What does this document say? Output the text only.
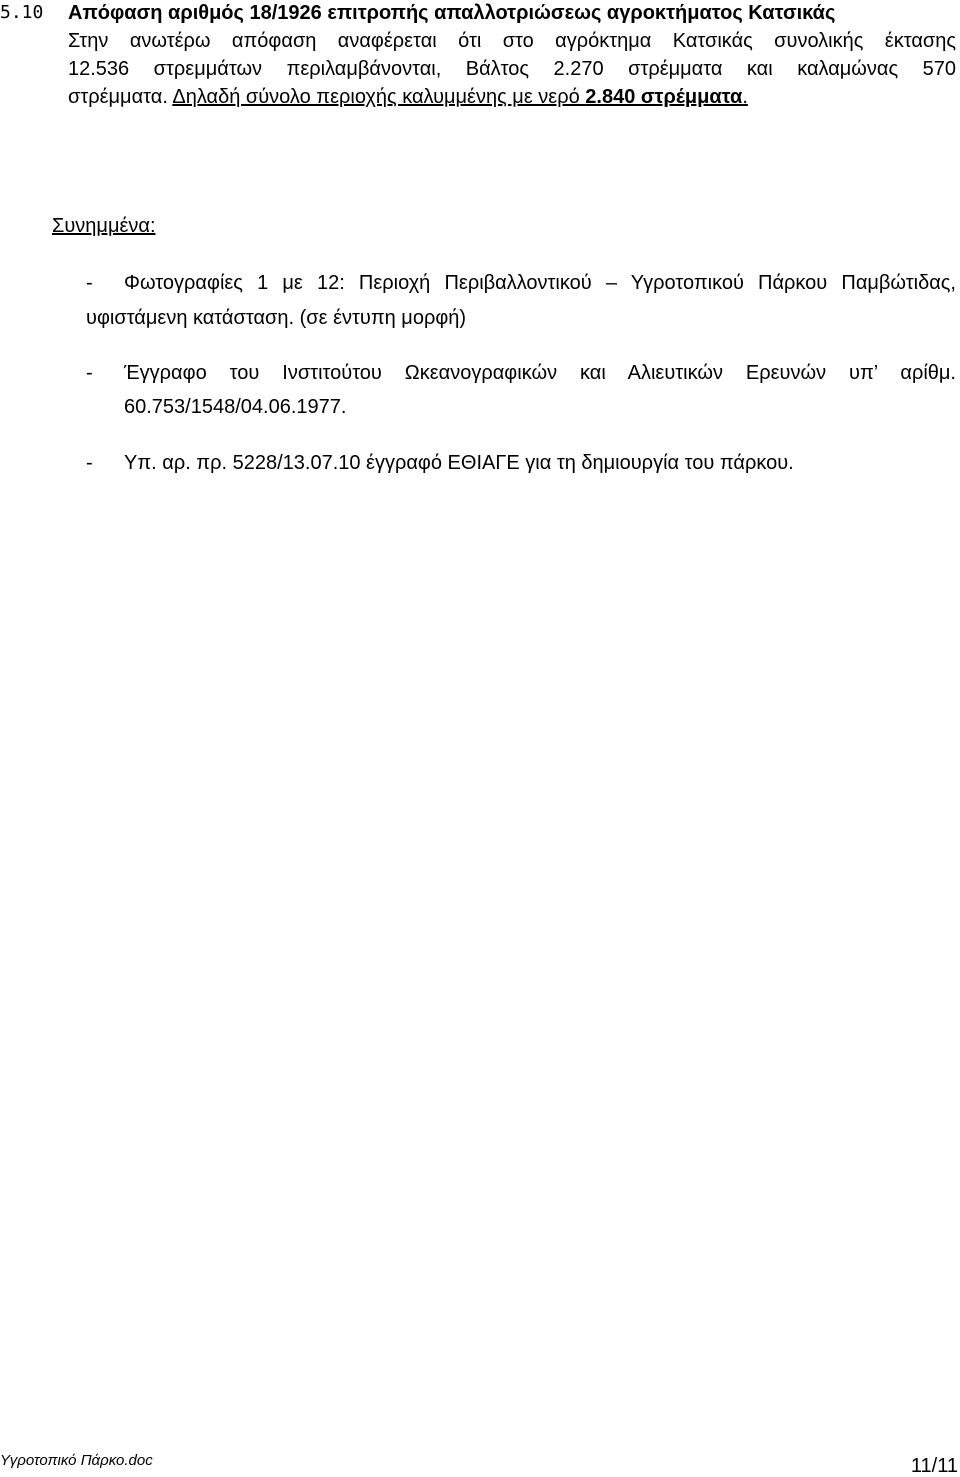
5.10 Απόφαση αριθμός 18/1926 επιτροπής απαλλοτριώσεως αγροκτήματος Κατσικάς
Στην ανωτέρω απόφαση αναφέρεται ότι στο αγρόκτημα Κατσικάς συνολικής έκτασης
12.536 στρεμμάτων περιλαμβάνονται, Βάλτος 2.270 στρέμματα και καλαμώνας 570
στρέμματα. Δηλαδή σύνολο περιοχής καλυμμένης με νερό 2.840 στρέμματα.
Συνημμένα:
- Φωτογραφίες 1 με 12: Περιοχή Περιβαλλοντικού – Υγροτοπικού Πάρκου Παμβώτιδας,
υφιστάμενη κατάσταση. (σε έντυπη μορφή)
- Έγγραφο του Ινστιτούτου Ωκεανογραφικών και Αλιευτικών Ερευνών υπ’ αρίθμ.
60.753/1548/04.06.1977.
- Υπ. αρ. πρ. 5228/13.07.10 έγγραφό ΕΘΙΑΓΕ για τη δημιουργία του πάρκου.
Υγροτοπικό Πάρκο.doc	11/11
